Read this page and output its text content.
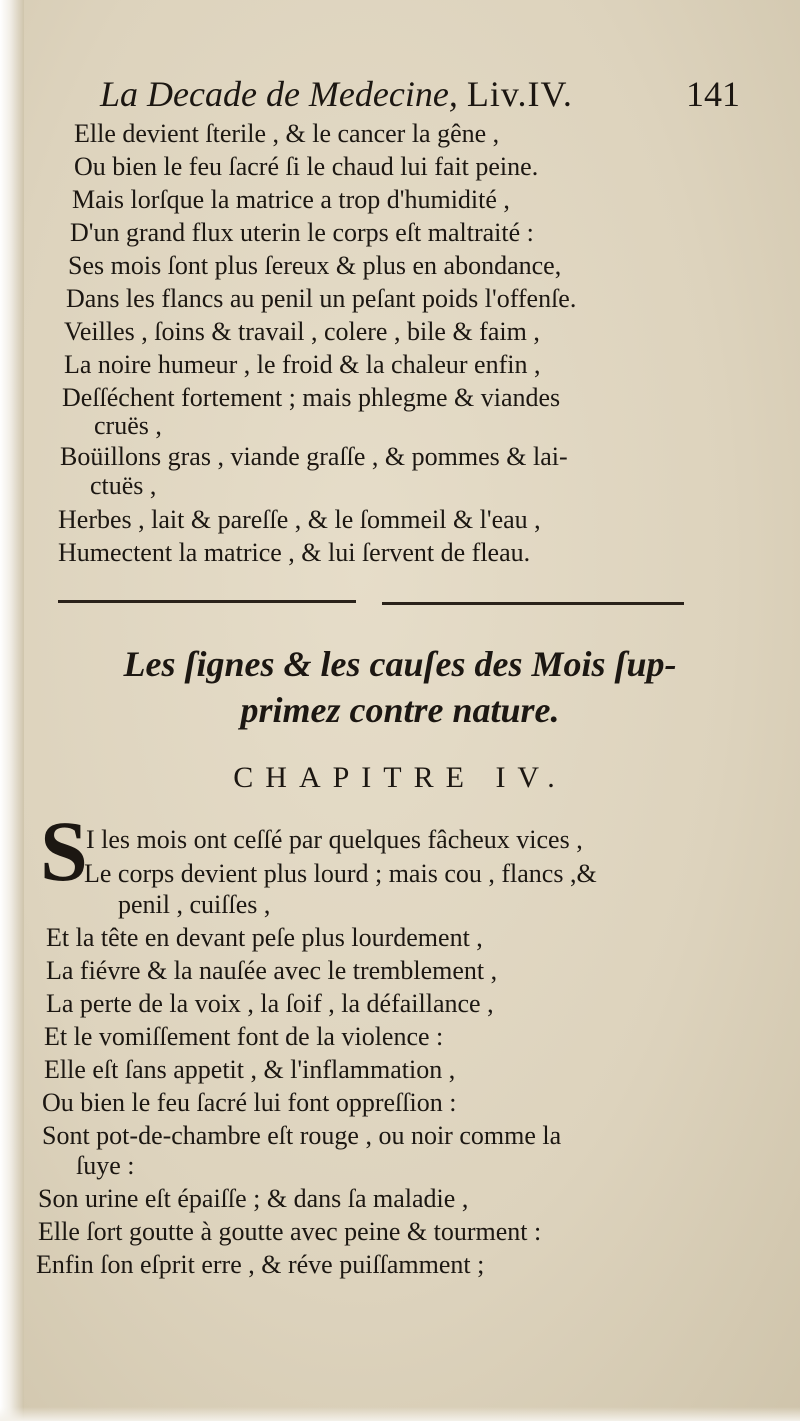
La Decade de Medecine, Liv.IV.	141
Elle devient ſterile , & le cancer la gêne ,
Ou bien le feu ſacré ſi le chaud lui fait peine.
Mais lorſque la matrice a trop d'humidité ,
D'un grand flux uterin le corps eſt maltraité :
Ses mois ſont plus ſereux & plus en abondance,
Dans les flancs au penil un peſant poids l'offenſe.
Veilles , ſoins & travail , colere , bile & faim ,
La noire humeur , le froid & la chaleur enfin ,
Deſſéchent fortement ; mais phlegme & viandes
cruës ,
Boüillons gras , viande graſſe , & pommes & lai-
ctuës ,
Herbes , lait & pareſſe , & le ſommeil & l'eau ,
Humectent la matrice , & lui ſervent de fleau.
Les ſignes & les cauſes des Mois ſup-
primez contre nature.
CHAPITRE IV.
S
I les mois ont ceſſé par quelques fâcheux vices ,
Le corps devient plus lourd ; mais cou , flancs ,&
penil , cuiſſes ,
Et la tête en devant peſe plus lourdement ,
La fiévre & la nauſée avec le tremblement ,
La perte de la voix , la ſoif , la défaillance ,
Et le vomiſſement font de la violence :
Elle eſt ſans appetit , & l'inflammation ,
Ou bien le feu ſacré lui font oppreſſion :
Sont pot-de-chambre eſt rouge , ou noir comme la
ſuye :
Son urine eſt épaiſſe ; & dans ſa maladie ,
Elle ſort goutte à goutte avec peine & tourment :
Enfin ſon eſprit erre , & réve puiſſamment ;
